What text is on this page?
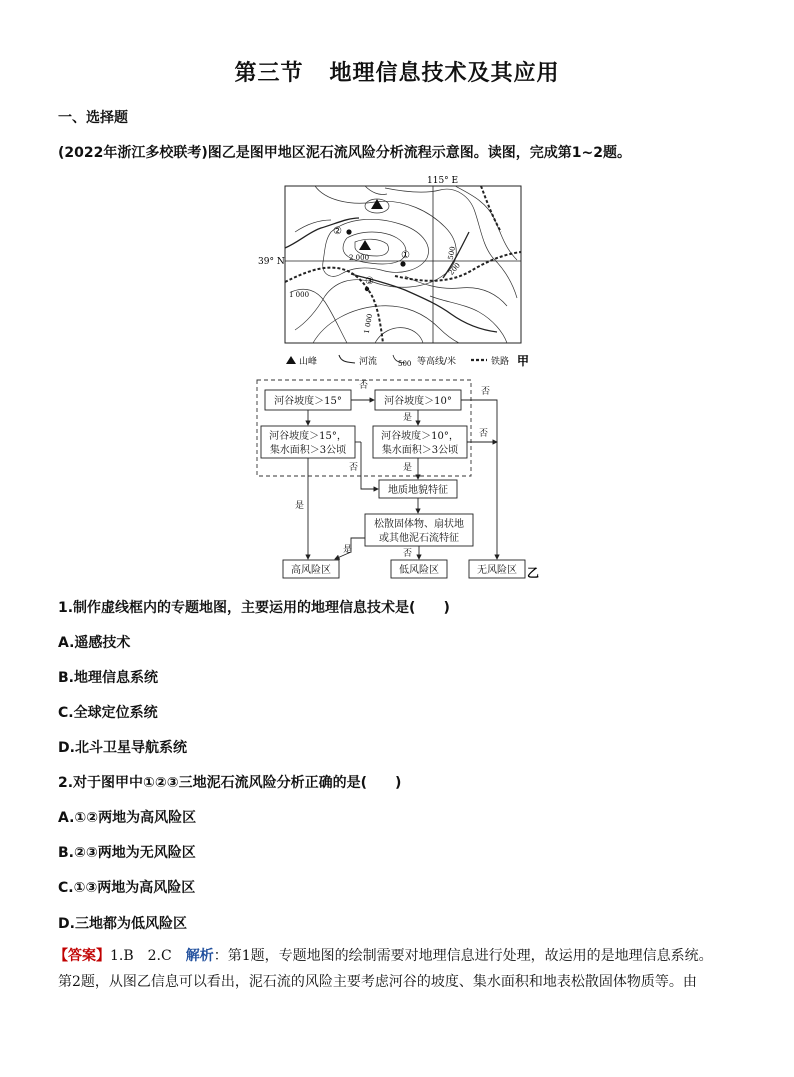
第三节 地理信息技术及其应用
一、选择题
(2022年浙江多校联考)图乙是图甲地区泥石流风险分析流程示意图。读图，完成第1~2题。
115° E
39° N	2 000
1 000
500
200
1 000
②
①
③
山峰	河流	500 等高线/米	铁路 甲
河谷坡度＞15°	河谷坡度＞10°
河谷坡度＞15°，
集水面积＞3公顷
河谷坡度＞10°，
集水面积＞3公顷
地质地貌特征
松散固体物、扇状地
或其他泥石流特征
高风险区	低风险区	无风险区
否
否
是
否
否	是
是
是	否
乙
1.制作虚线框内的专题地图，主要运用的地理信息技术是(　　)
A.遥感技术
B.地理信息系统
C.全球定位系统
D.北斗卫星导航系统
2.对于图甲中①②③三地泥石流风险分析正确的是(　　)
A.①②两地为高风险区
B.②③两地为无风险区
C.①③两地为高风险区
D.三地都为低风险区
【答案】1.B　2.C　 解析：第1题，专题地图的绘制需要对地理信息进行处理，故运用的是地理信息系统。
第2题，从图乙信息可以看出，泥石流的风险主要考虑河谷的坡度、集水面积和地表松散固体物质等。由
